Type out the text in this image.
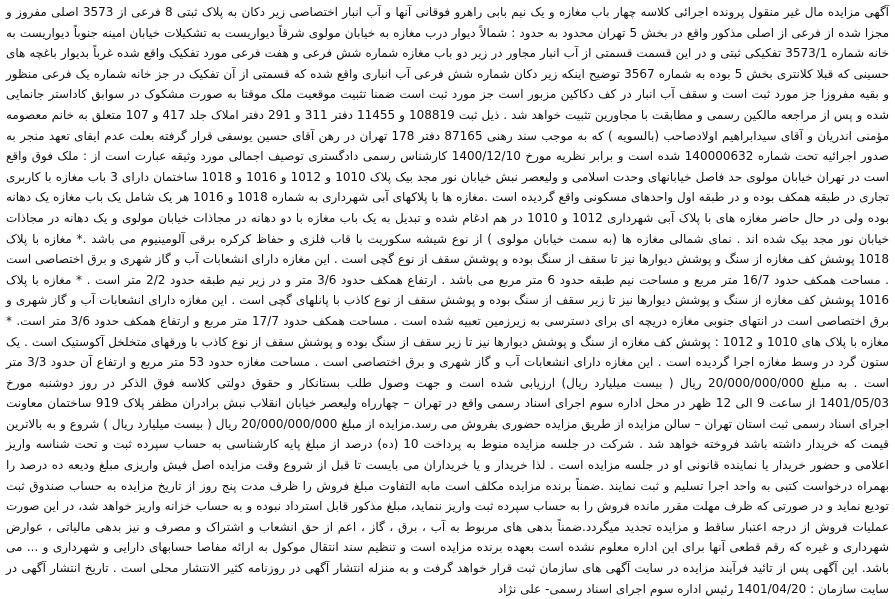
آگهی مزایده مال غیر منقول پرونده اجرائی کلاسه چهار باب مغازه و یک نیم بابی راهرو فوقانی آنها و آب انبار اختصاصی زیر دکان به پلاک ثبتی 8 فرعی از 3573 اصلی مفروز و مجزا شده از فرعی از اصلی مذکور واقع در بخش 5 تهران محدود به حدود : شمالاً دیوار درب مغازه به خیابان مولوی شرقاً دیواریست به تشکیلات خیابان امینه جنوباً دیواریست به خانه شماره 3573/1 تفکیکی ثبتی و در این قسمت قسمتی از آب انبار مجاور در زیر دو باب مغازه شماره شش فرعی و هفت فرعی مورد تفکیک واقع شده غرباً بدیوار باغچه های حسینی که قبلا کلانتری بخش 5 بوده به شماره 3567 توضیح اینکه زیر دکان شماره شش فرعی آب انباری واقع شده که قسمتی از آن تفکیک در جز خانه شماره یک فرعی منظور و بقیه مفروزا جز مورد ثبت است و سقف آب انبار در کف دکاکین مزبور است جز مورد ثبت است ضمنا تثبیت موقعیت ملک موقتا به صورت مشکوک در سوابق کاداستر جانمایی شده و پس از مراجعه مالکین رسمی و مطابقت با مجاورین تثبیت خواهد شد . ذیل ثبت 108819 و 11455 دفتر 311 و 291 دفتر املاک جلد 417 و 107 متعلق به خانم معصومه مؤمنی اندریان و آقای سیدابراهیم اولادصاحب (بالسویه ) که به موجب سند رهنی 87165 دفتر 178 تهران در رهن آقای حسین یوسفی قرار گرفته بعلت عدم ایفای تعهد منجر به صدور اجرائیه تحت شماره 140000632 شده است و برابر نظریه مورخ 1400/12/10 کارشناس رسمی دادگستری توصیف اجمالی مورد وثیقه عبارت است از : ملک فوق واقع است در تهران خیابان مولوی حد فاصل خیابانهای وحدت اسلامی و ولیعصر نبش خیابان نور مجد بیک پلاک 1010 و 1012 و 1016 و 1018 ساختمان دارای 3 باب مغازه با کاربری تجاری در طبقه همکف بوده و در طبقه اول واحدهای مسکونی واقع گردیده است .مغازه ها با پلاکهای آبی شهرداری به شماره 1018 و 1016 هر یک شامل یک باب مغازه یک دهانه بوده ولی در حال حاضر مغازه های با پلاک آبی شهرداری 1012 و 1010 در هم ادغام شده و تبدیل به یک باب مغازه با دو دهانه در مجاذات خیابان مولوی و یک دهانه در مجاذات خیابان نور مجد بیک شده اند . نمای شمالی مغازه ها (به سمت خیابان مولوی ) از نوع شیشه سکوریت با قاب فلزی و حفاظ کرکره برقی آلومینیوم می باشد .* مغازه با پلاک 1018 پوشش کف مغازه از سنگ و پوشش دیوارها نیز تا سقف از سنگ بوده و پوشش سقف از نوع گچی است . این مغازه دارای انشعابات آب و گاز شهری و برق اختصاصی است . مساحت همکف حدود 16/7 متر مربع و مساحت نیم طبقه حدود 6 متر مربع می باشد . ارتفاع همکف حدود 3/6 متر و در زیر نیم طبقه حدود 2/2 متر است . * مغازه با پلاک 1016 پوشش کف مغازه از سنگ و پوشش دیوارها نیز تا زیر سقف از سنگ بوده و پوشش سقف از نوع کاذب با پانلهای گچی است . این مغازه دارای انشعابات آب و گاز شهری و برق اختصاصی است در انتهای جنوبی مغازه دریچه ای برای دسترسی به زیرزمین تعبیه شده است . مساحت همکف حدود 17/7 متر مربع و ارتفاع همکف حدود 3/6 متر است. * مغازه با پلاک های 1010 و 1012 : پوشش کف مغازه از سنگ و پوشش دیوارها نیز تا زیر سقف از سنگ بوده و پوشش سقف از نوع کاذب با ورقهای متخلخل آکوستیک است . یک ستون گرد در وسط مغازه اجرا گردیده است . این مغازه دارای انشعابات آب و گاز شهری و برق اختصاصی است . مساحت مغازه حدود 53 متر مربع و ارتفاع آن حدود 3/3 متر است . به مبلغ 20/000/000/000 ریال ( بیست میلیارد ریال) ارزیابی شده است و جهت وصول طلب بستانکار و حقوق دولتی کلاسه فوق الذکر در روز دوشنبه مورخ 1401/05/03 از ساعت 9 الی 12 ظهر در محل اداره سوم اجرای اسناد رسمی واقع در تهران – چهارراه ولیعصر خیابان انقلاب نبش برادران مظفر پلاک 919 ساختمان معاونت اجرای اسناد رسمی ثبت استان تهران – سالن مزایده از طریق مزایده حضوری بفروش می رسد.مزایده از مبلغ 20/000/000/000 ریال ( بیست میلیارد ریال ) شروع و به بالاترین قیمت که خریدار داشته باشد فروخته خواهد شد . شرکت در جلسه مزایده منوط به پرداخت 10 (ده) درصد از مبلغ پایه کارشناسی به حساب سپرده ثبت و تحت شناسه واریز اعلامی و حضور خریدار یا نماینده قانونی او در جلسه مزایده است . لذا خریدار و یا خریداران می بایست تا قبل از شروع وقت مزایده اصل فیش واریزی مبلغ ودیعه ده درصد را بهمراه درخواست کتبی به واحد اجرا تسلیم و ثبت نمایند .ضمناً برنده مزایده مکلف است مابه التفاوت مبلغ فروش را ظرف مدت پنج روز از تاریخ مزایده به حساب صندوق ثبت تودیع نماید و در صورتی که ظرف مهلت مقرر مانده فروش را به حساب سپرده ثبت واریز ننماید، مبلغ مذکور قابل استرداد نبوده و به حساب خزانه واریز خواهد شد، در این صورت عملیات فروش از درجه اعتبار ساقط و مزایده تجدید میگردد.ضمناً بدهی های مربوط به آب ، برق ، گاز ، اعم از حق انشعاب و اشتراک و مصرف و نیز بدهی مالیاتی ، عوارض شهرداری و غیره که رقم قطعی آنها برای این اداره معلوم نشده است بعهده برنده مزایده است و تنظیم سند انتقال موکول به ارائه مفاصا حسابهای دارایی و شهرداری و ... می باشد. این آگهی پس از تائید فرآیند مزایده در سایت آگهی های سازمان ثبت قرار خواهد گرفت و به منزله انتشار آگهی در روزنامه کثیر الانتشار محلی است . تاریخ انتشار آگهی در سایت سازمان : 1401/04/20 رئیس اداره سوم اجرای اسناد رسمی- علی نژاد
